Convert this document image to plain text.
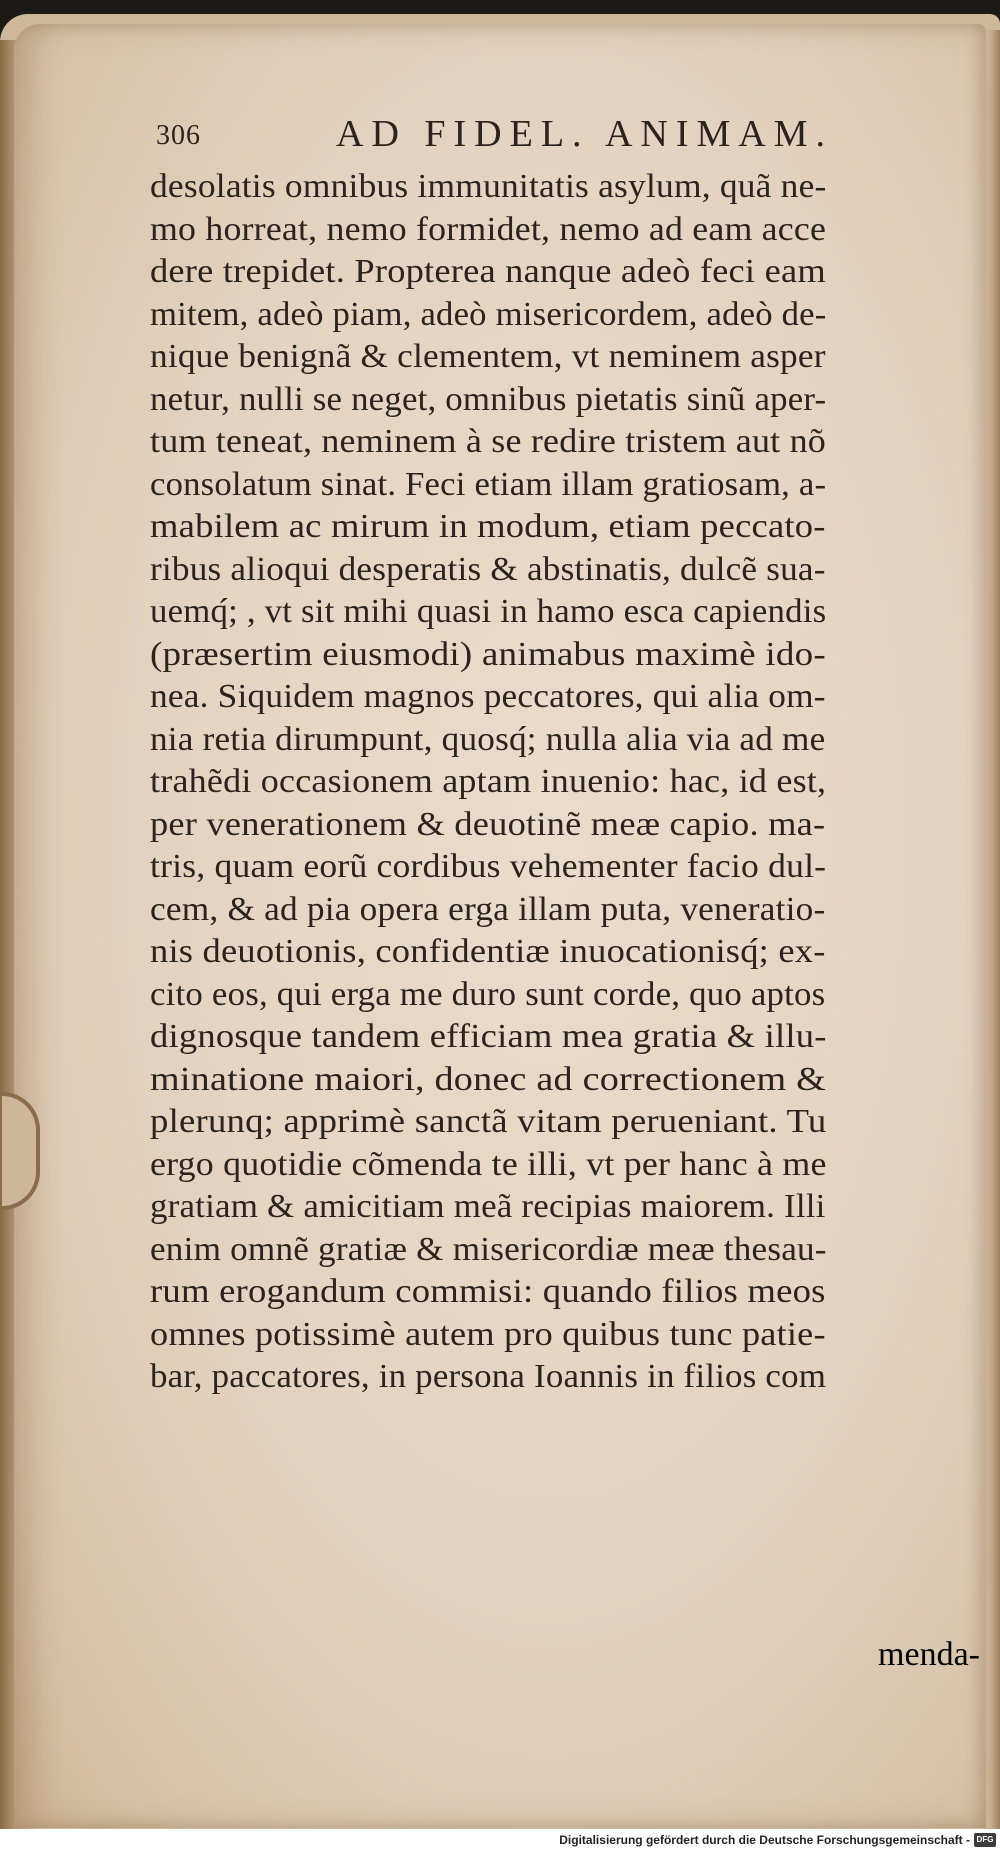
306	AD FIDEL. ANIMAM.
desolatis omnibus immunitatis asylum, quã ne-
mo horreat, nemo formidet, nemo ad eam acce
dere trepidet. Propterea nanque adeò feci eam
mitem, adeò piam, adeò misericordem, adeò de-
nique benignã & clementem, vt neminem asper
netur, nulli se neget, omnibus pietatis sinũ aper-
tum teneat, neminem à se redire tristem aut nõ
consolatum sinat. Feci etiam illam gratiosam, a-
mabilem ac mirum in modum, etiam peccato-
ribus alioqui desperatis & abstinatis, dulcẽ sua-
uemq́; , vt sit mihi quasi in hamo esca capiendis
(præsertim eiusmodi) animabus maximè ido-
nea. Siquidem magnos peccatores, qui alia om-
nia retia dirumpunt, quosq́; nulla alia via ad me
trahẽdi occasionem aptam inuenio: hac, id est,
per venerationem & deuotinẽ meæ capio. ma-
tris, quam eorũ cordibus vehementer facio dul-
cem, & ad pia opera erga illam puta, veneratio-
nis deuotionis, confidentiæ inuocationisq́; ex-
cito eos, qui erga me duro sunt corde, quo aptos
dignosque tandem efficiam mea gratia & illu-
minatione maiori, donec ad correctionem &
plerunq; apprimè sanctã vitam perueniant. Tu
ergo quotidie cõmenda te illi, vt per hanc à me
gratiam & amicitiam meã recipias maiorem. Illi
enim omnẽ gratiæ & misericordiæ meæ thesau-
rum erogandum commisi: quando filios meos
omnes potissimè autem pro quibus tunc patie-
bar, paccatores, in persona Ioannis in filios com
menda-
Digitalisierung gefördert durch die Deutsche Forschungsgemeinschaft - DFG
